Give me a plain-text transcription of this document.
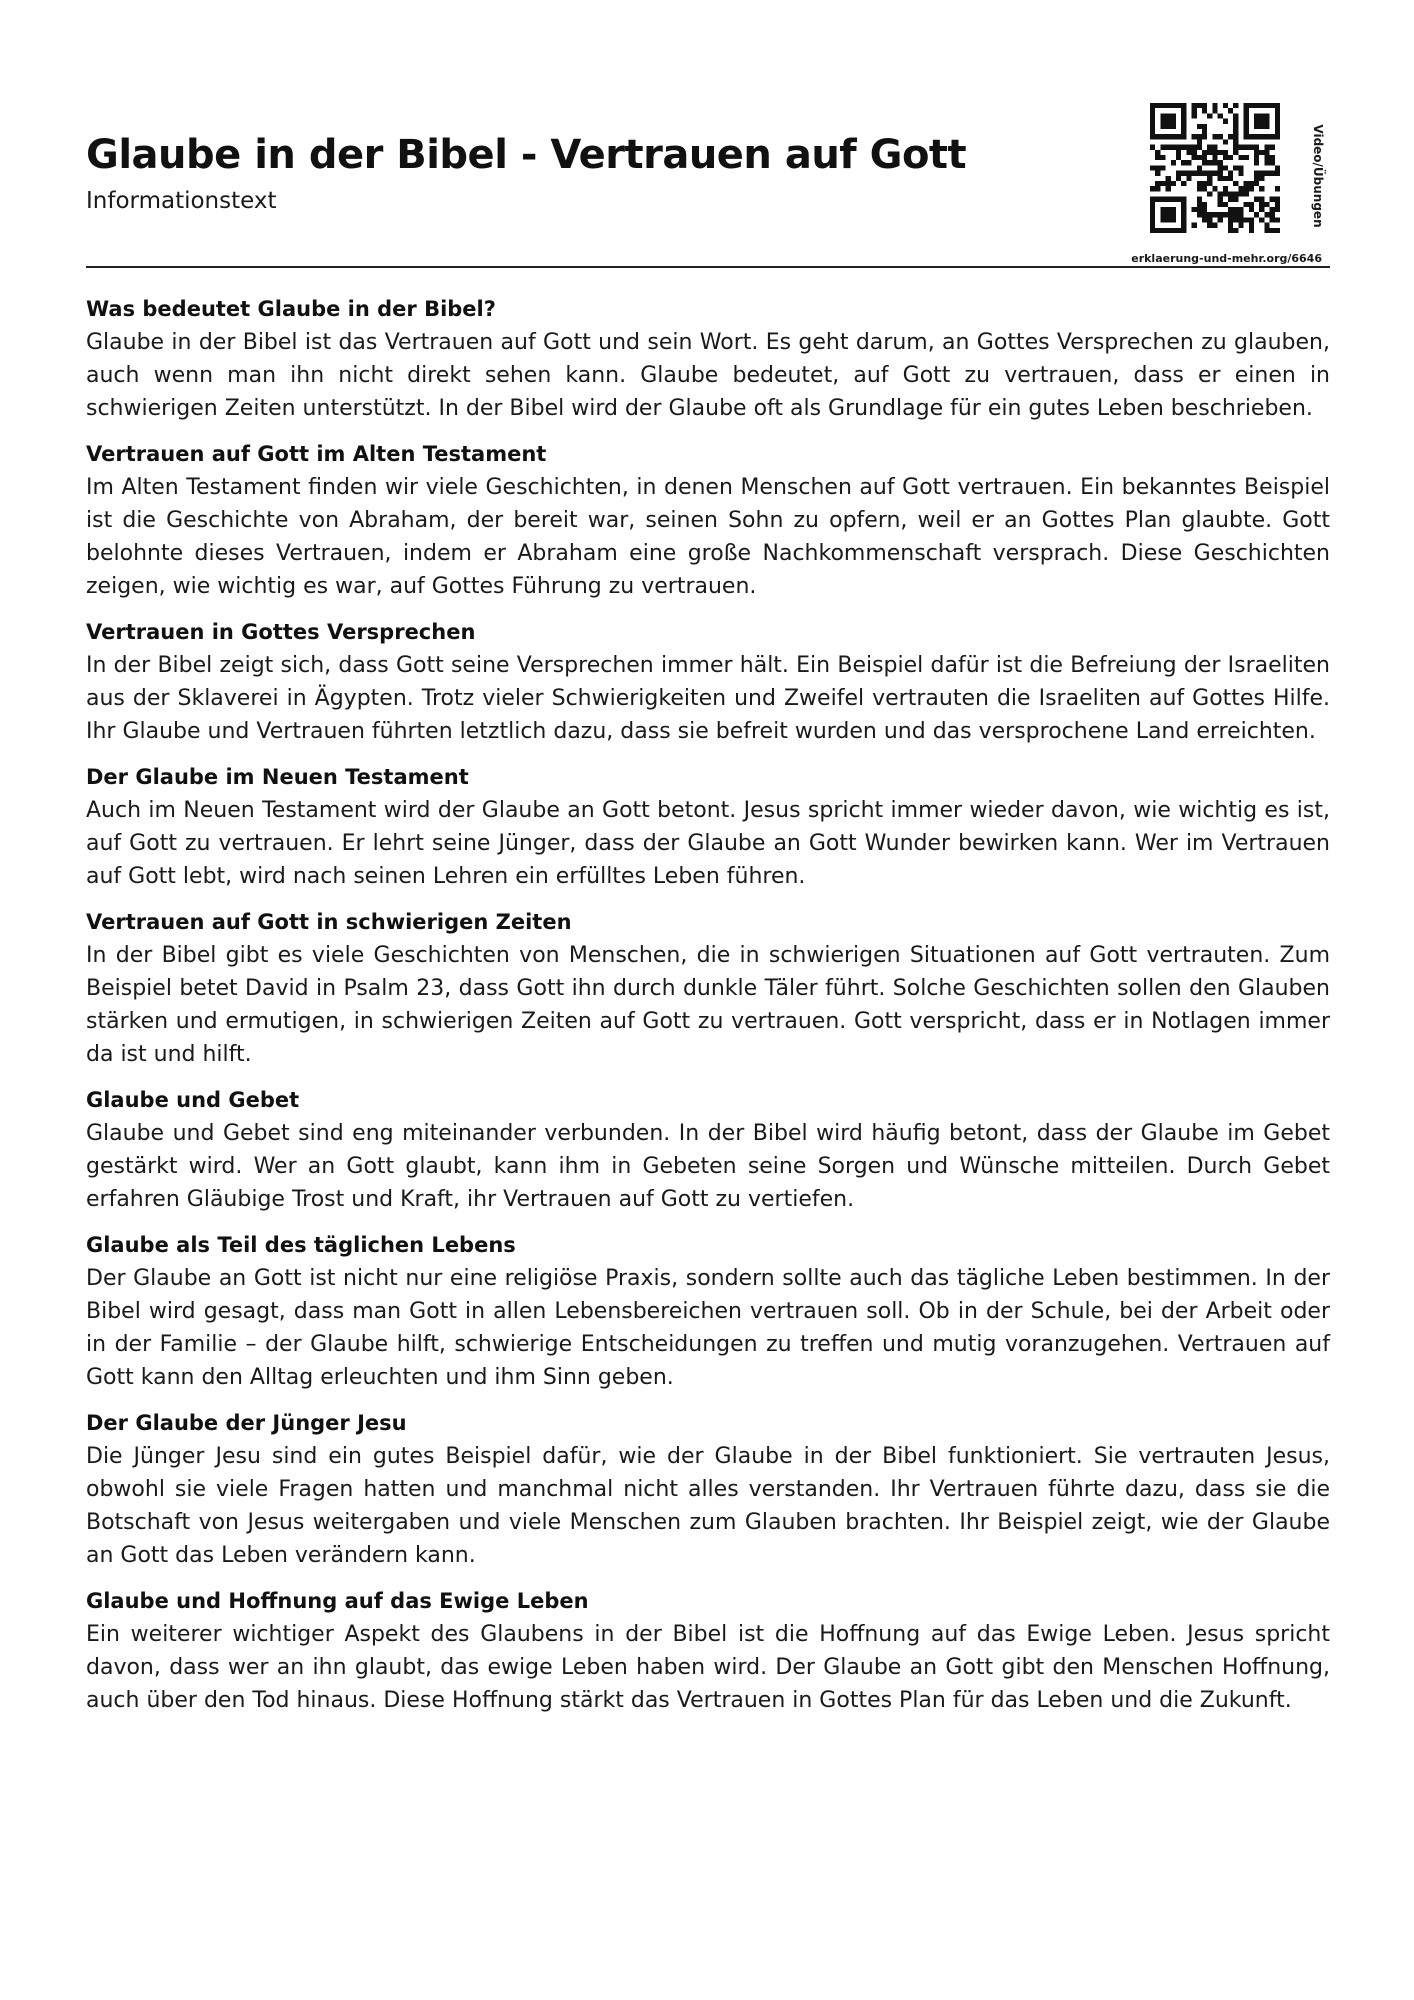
Glaube in der Bibel - Vertrauen auf Gott
Informationstext	Video/Übungen
erklaerung-und-mehr.org/6646
Was bedeutet Glaube in der Bibel?

Glaube in der Bibel ist das Vertrauen auf Gott und sein Wort. Es geht darum, an Gottes Versprechen zu glauben, auch wenn man ihn nicht direkt sehen kann. Glaube bedeutet, auf Gott zu vertrauen, dass er einen in schwierigen Zeiten unterstützt. In der Bibel wird der Glaube oft als Grundlage für ein gutes Leben beschrieben.

Vertrauen auf Gott im Alten Testament

Im Alten Testament finden wir viele Geschichten, in denen Menschen auf Gott vertrauen. Ein bekanntes Beispiel ist die Geschichte von Abraham, der bereit war, seinen Sohn zu opfern, weil er an Gottes Plan glaubte. Gott belohnte dieses Vertrauen, indem er Abraham eine große Nachkommenschaft versprach. Diese Geschichten zeigen, wie wichtig es war, auf Gottes Führung zu vertrauen.

Vertrauen in Gottes Versprechen

In der Bibel zeigt sich, dass Gott seine Versprechen immer hält. Ein Beispiel dafür ist die Befreiung der Israeliten aus der Sklaverei in Ägypten. Trotz vieler Schwierigkeiten und Zweifel vertrauten die Israeliten auf Gottes Hilfe. Ihr Glaube und Vertrauen führten letztlich dazu, dass sie befreit wurden und das versprochene Land erreichten.

Der Glaube im Neuen Testament

Auch im Neuen Testament wird der Glaube an Gott betont. Jesus spricht immer wieder davon, wie wichtig es ist, auf Gott zu vertrauen. Er lehrt seine Jünger, dass der Glaube an Gott Wunder bewirken kann. Wer im Vertrauen auf Gott lebt, wird nach seinen Lehren ein erfülltes Leben führen.

Vertrauen auf Gott in schwierigen Zeiten

In der Bibel gibt es viele Geschichten von Menschen, die in schwierigen Situationen auf Gott vertrauten. Zum Beispiel betet David in Psalm 23, dass Gott ihn durch dunkle Täler führt. Solche Geschichten sollen den Glauben stärken und ermutigen, in schwierigen Zeiten auf Gott zu vertrauen. Gott verspricht, dass er in Notlagen immer da ist und hilft.

Glaube und Gebet

Glaube und Gebet sind eng miteinander verbunden. In der Bibel wird häufig betont, dass der Glaube im Gebet gestärkt wird. Wer an Gott glaubt, kann ihm in Gebeten seine Sorgen und Wünsche mitteilen. Durch Gebet erfahren Gläubige Trost und Kraft, ihr Vertrauen auf Gott zu vertiefen.

Glaube als Teil des täglichen Lebens

Der Glaube an Gott ist nicht nur eine religiöse Praxis, sondern sollte auch das tägliche Leben bestimmen. In der Bibel wird gesagt, dass man Gott in allen Lebensbereichen vertrauen soll. Ob in der Schule, bei der Arbeit oder in der Familie – der Glaube hilft, schwierige Entscheidungen zu treffen und mutig voranzugehen. Vertrauen auf Gott kann den Alltag erleuchten und ihm Sinn geben.

Der Glaube der Jünger Jesu

Die Jünger Jesu sind ein gutes Beispiel dafür, wie der Glaube in der Bibel funktioniert. Sie vertrauten Jesus, obwohl sie viele Fragen hatten und manchmal nicht alles verstanden. Ihr Vertrauen führte dazu, dass sie die Botschaft von Jesus weitergaben und viele Menschen zum Glauben brachten. Ihr Beispiel zeigt, wie der Glaube an Gott das Leben verändern kann.

Glaube und Hoffnung auf das Ewige Leben

Ein weiterer wichtiger Aspekt des Glaubens in der Bibel ist die Hoffnung auf das Ewige Leben. Jesus spricht davon, dass wer an ihn glaubt, das ewige Leben haben wird. Der Glaube an Gott gibt den Menschen Hoffnung, auch über den Tod hinaus. Diese Hoffnung stärkt das Vertrauen in Gottes Plan für das Leben und die Zukunft.
